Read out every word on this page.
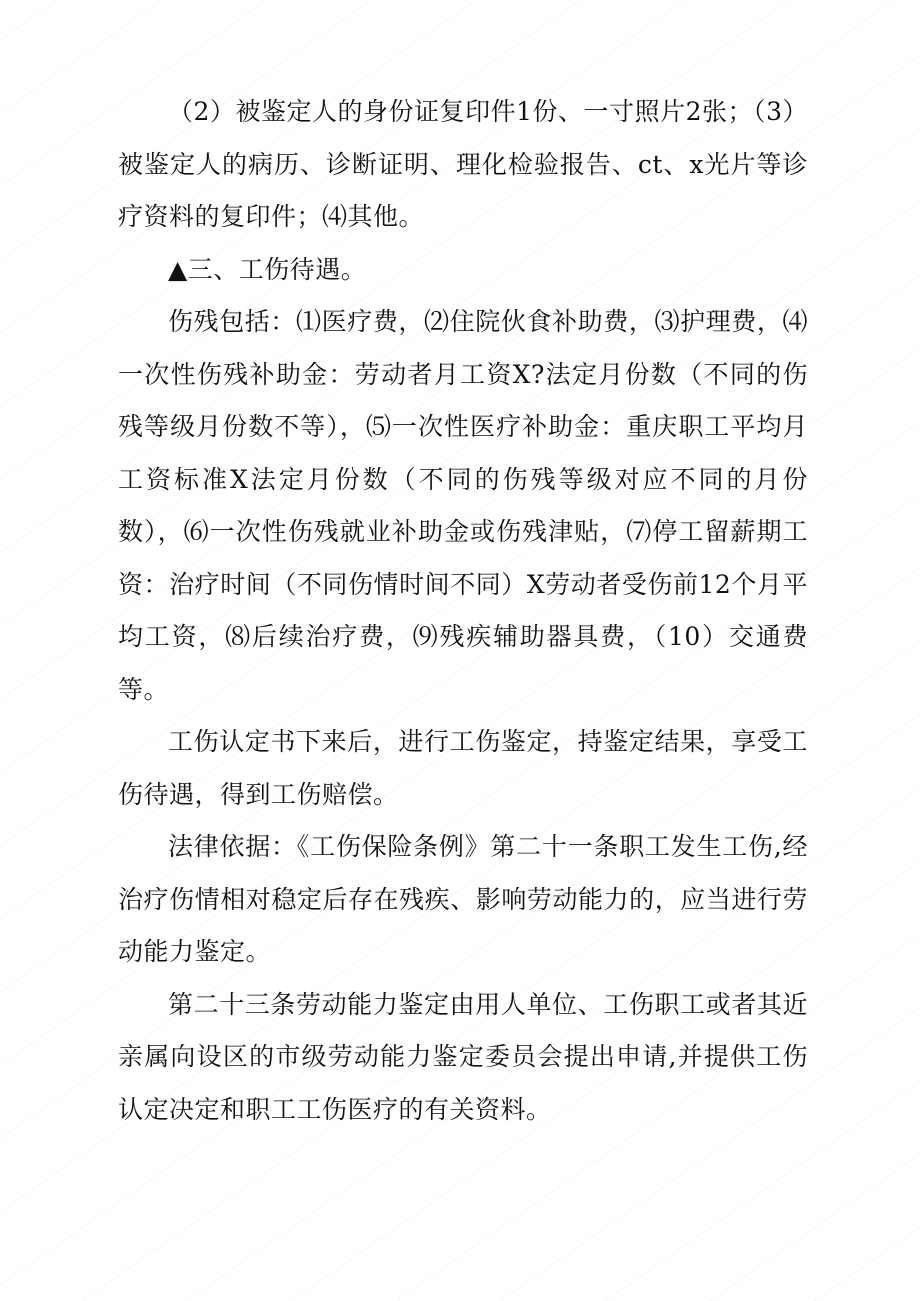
（2）被鉴定人的身份证复印件1份、一寸照片2张；（3）被鉴定人的病历、诊断证明、理化检验报告、ct、x光片等诊疗资料的复印件；⑷其他。

▲三、工伤待遇。

伤残包括：⑴医疗费，⑵住院伙食补助费，⑶护理费，⑷一次性伤残补助金：劳动者月工资X?法定月份数（不同的伤残等级月份数不等），⑸一次性医疗补助金：重庆职工平均月工资标准X法定月份数（不同的伤残等级对应不同的月份数），⑹一次性伤残就业补助金或伤残津贴，⑺停工留薪期工资：治疗时间（不同伤情时间不同）X劳动者受伤前12个月平均工资，⑻后续治疗费，⑼残疾辅助器具费，（10）交通费等。

工伤认定书下来后，进行工伤鉴定，持鉴定结果，享受工伤待遇，得到工伤赔偿。

法律依据：《工伤保险条例》第二十一条职工发生工伤,经治疗伤情相对稳定后存在残疾、影响劳动能力的，应当进行劳动能力鉴定。

第二十三条劳动能力鉴定由用人单位、工伤职工或者其近亲属向设区的市级劳动能力鉴定委员会提出申请,并提供工伤认定决定和职工工伤医疗的有关资料。
